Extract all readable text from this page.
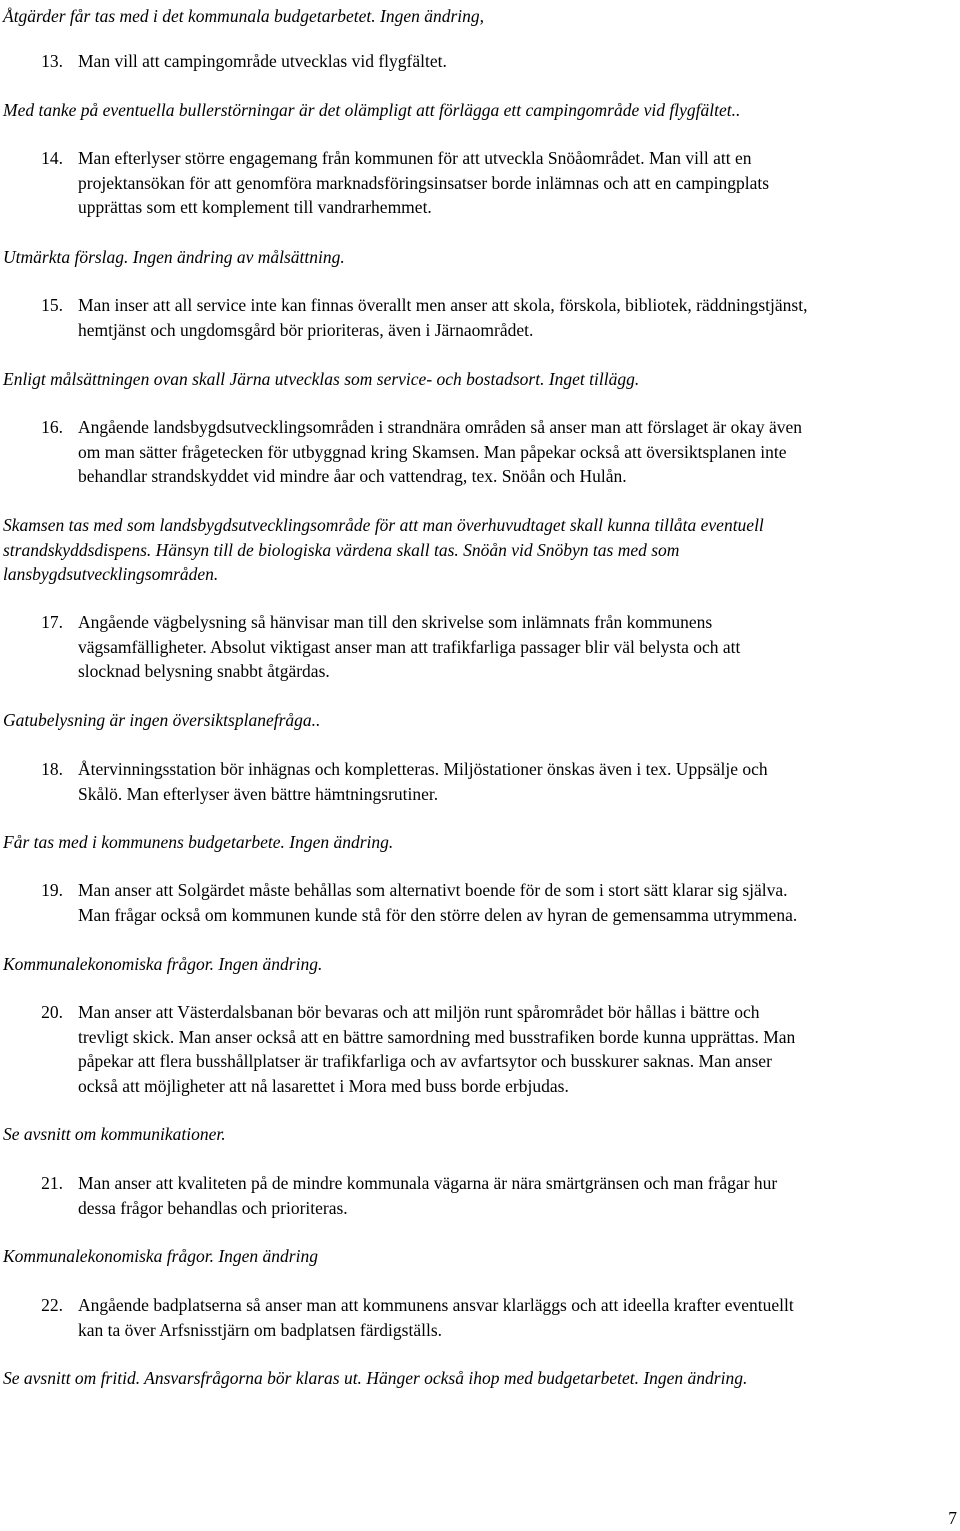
Åtgärder får tas med i det kommunala budgetarbetet. Ingen ändring,
13. Man vill att campingområde utvecklas vid flygfältet.
Med tanke på eventuella bullerstörningar är det olämpligt att förlägga ett campingområde vid flygfältet..
14. Man efterlyser större engagemang från kommunen för att utveckla Snöåområdet. Man vill att en
projektansökan för att genomföra marknadsföringsinsatser borde inlämnas och att en campingplats
upprättas som ett komplement till vandrarhemmet.
Utmärkta förslag. Ingen ändring av målsättning.
15. Man inser att all service inte kan finnas överallt men anser att skola, förskola, bibliotek, räddningstjänst,
hemtjänst och ungdomsgård bör prioriteras, även i Järnaområdet.
Enligt målsättningen ovan skall Järna utvecklas som service- och bostadsort. Inget tillägg.
16. Angående landsbygdsutvecklingsområden i strandnära områden så anser man att förslaget är okay även
om man sätter frågetecken för utbyggnad kring Skamsen. Man påpekar också att översiktsplanen inte
behandlar strandskyddet vid mindre åar och vattendrag, tex. Snöån och Hulån.
Skamsen tas med som landsbygdsutvecklingsområde för att man överhuvudtaget skall kunna tillåta eventuell
strandskyddsdispens. Hänsyn till de biologiska värdena skall tas. Snöån vid Snöbyn tas med som
lansbygdsutvecklingsområden.
17. Angående vägbelysning så hänvisar man till den skrivelse som inlämnats från kommunens
vägsamfälligheter. Absolut viktigast anser man att trafikfarliga passager blir väl belysta och att
slocknad belysning snabbt åtgärdas.
Gatubelysning är ingen översiktsplanefråga..
18. Återvinningsstation bör inhägnas och kompletteras. Miljöstationer önskas även i tex. Uppsälje och
Skålö. Man efterlyser även bättre hämtningsrutiner.
Får tas med i kommunens budgetarbete. Ingen ändring.
19. Man anser att Solgärdet måste behållas som alternativt boende för de som i stort sätt klarar sig själva.
Man frågar också om kommunen kunde stå för den större delen av hyran de gemensamma utrymmena.
Kommunalekonomiska frågor. Ingen ändring.
20. Man anser att Västerdalsbanan bör bevaras och att miljön runt spårområdet bör hållas i bättre och
trevligt skick. Man anser också att en bättre samordning med busstrafiken borde kunna upprättas. Man
påpekar att flera busshållplatser är trafikfarliga och av avfartsytor och busskurer saknas. Man anser
också att möjligheter att nå lasarettet i Mora med buss borde erbjudas.
Se avsnitt om kommunikationer.
21. Man anser att kvaliteten på de mindre kommunala vägarna är nära smärtgränsen och man frågar hur
dessa frågor behandlas och prioriteras.
Kommunalekonomiska frågor. Ingen ändring
22. Angående badplatserna så anser man att kommunens ansvar klarläggs och att ideella krafter eventuellt
kan ta över Arfsnisstjärn om badplatsen färdigställs.
Se avsnitt om fritid. Ansvarsfrågorna bör klaras ut. Hänger också ihop med budgetarbetet. Ingen ändring.
7
